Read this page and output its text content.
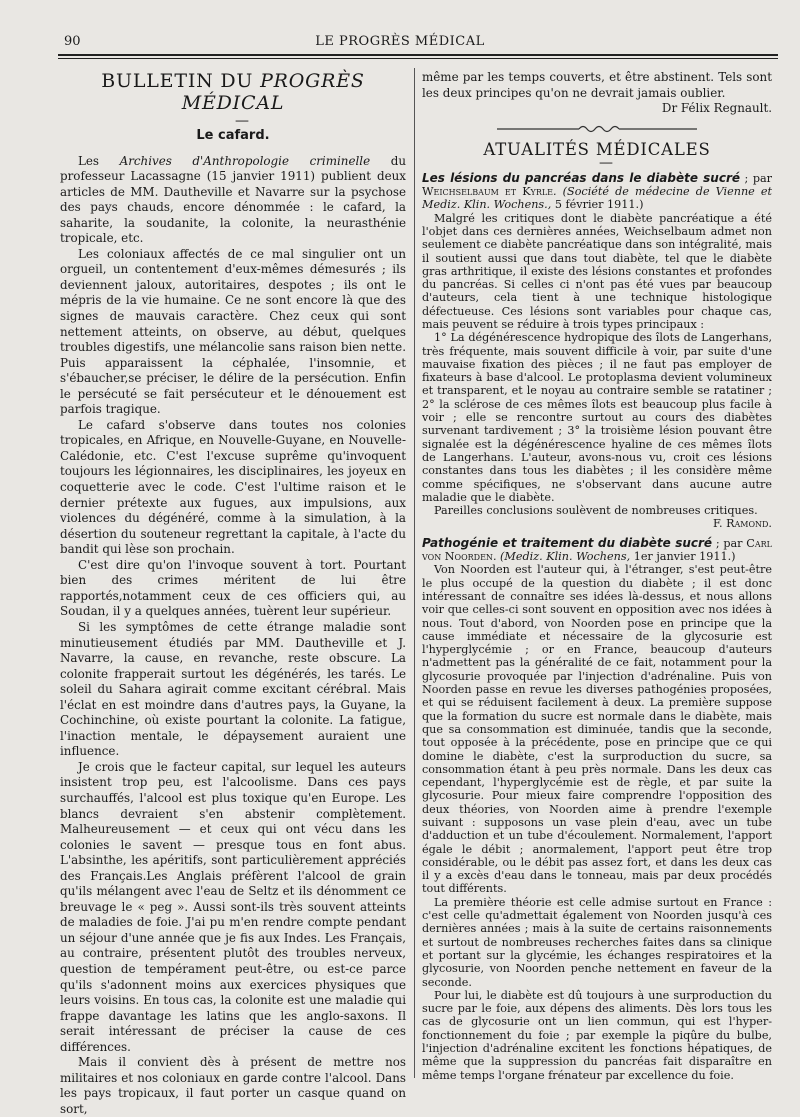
90	LE PROGRÈS MÉDICAL
BULLETIN DU PROGRÈS MÉDICAL

—

Le cafard.

Les Archives d'Anthropologie criminelle du professeur Lacassagne (15 janvier 1911) publient deux articles de MM. Dautheville et Navarre sur la psychose des pays chauds, encore dénommée : le cafard, la saharite, la soudanite, la colonite, la neurasthénie tropicale, etc.

Les coloniaux affectés de ce mal singulier ont un orgueil, un contentement d'eux-mêmes démesurés ; ils deviennent jaloux, autoritaires, despotes ; ils ont le mépris de la vie humaine. Ce ne sont encore là que des signes de mauvais caractère. Chez ceux qui sont nettement atteints, on observe, au début, quelques troubles digestifs, une mélancolie sans raison bien nette. Puis apparaissent la céphalée, l'insomnie, et s'ébaucher,se préciser, le délire de la persécution. Enfin le persécuté se fait persécuteur et le dénouement est parfois tragique.

Le cafard s'observe dans toutes nos colonies tropicales, en Afrique, en Nouvelle-Guyane, en Nouvelle-Calédonie, etc. C'est l'excuse suprême qu'invoquent toujours les légionnaires, les disciplinaires, les joyeux en coquetterie avec le code. C'est l'ultime raison et le dernier prétexte aux fugues, aux impulsions, aux violences du dégénéré, comme à la simulation, à la désertion du souteneur regrettant la capitale, à l'acte du bandit qui lèse son prochain.

C'est dire qu'on l'invoque souvent à tort. Pourtant bien des crimes méritent de lui être rapportés,notamment ceux de ces officiers qui, au Soudan, il y a quelques années, tuèrent leur supérieur.

Si les symptômes de cette étrange maladie sont minutieusement étudiés par MM. Dautheville et J. Navarre, la cause, en revanche, reste obscure. La colonite frapperait surtout les dégénérés, les tarés. Le soleil du Sahara agirait comme excitant cérébral. Mais l'éclat en est moindre dans d'autres pays, la Guyane, la Cochinchine, où existe pourtant la colonite. La fatigue, l'inaction mentale, le dépaysement auraient une influence.

Je crois que le facteur capital, sur lequel les auteurs insistent trop peu, est l'alcoolisme. Dans ces pays surchauffés, l'alcool est plus toxique qu'en Europe. Les blancs devraient s'en abstenir complètement. Malheureusement — et ceux qui ont vécu dans les colonies le savent — presque tous en font abus. L'absinthe, les apéritifs, sont particulièrement appréciés des Français.Les Anglais préfèrent l'alcool de grain qu'ils mélangent avec l'eau de Seltz et ils dénomment ce breuvage le « peg ». Aussi sont-ils très souvent atteints de maladies de foie. J'ai pu m'en rendre compte pendant un séjour d'une année que je fis aux Indes. Les Français, au contraire, présentent plutôt des troubles nerveux, question de tempérament peut-être, ou est-ce parce qu'ils s'adonnent moins aux exercices physiques que leurs voisins. En tous cas, la colonite est une maladie qui frappe davantage les latins que les anglo-saxons. Il serait intéressant de préciser la cause de ces différences.

Mais il convient dès à présent de mettre nos militaires et nos coloniaux en garde contre l'alcool. Dans les pays tropicaux, il faut porter un casque quand on sort,

même par les temps couverts, et être abstinent. Tels sont les deux principes qu'on ne devrait jamais oublier.

Dr Félix Regnault.

ATUALITÉS MÉDICALES

—

Les lésions du pancréas dans le diabète sucré ; par Weichselbaum et Kyrle. (Société de médecine de Vienne et Mediz. Klin. Wochens., 5 février 1911.)

Malgré les critiques dont le diabète pancréatique a été l'objet dans ces dernières années, Weichselbaum admet non seulement ce diabète pancréatique dans son intégralité, mais il soutient aussi que dans tout diabète, tel que le diabète gras arthritique, il existe des lésions constantes et profondes du pancréas. Si celles ci n'ont pas été vues par beaucoup d'auteurs, cela tient à une technique histologique défectueuse. Ces lésions sont variables pour chaque cas, mais peuvent se réduire à trois types principaux :

1° La dégénérescence hydropique des îlots de Langerhans, très fréquente, mais souvent difficile à voir, par suite d'une mauvaise fixation des pièces ; il ne faut pas employer de fixateurs à base d'alcool. Le protoplasma devient volumineux et transparent, et le noyau au contraire semble se ratatiner ; 2° la sclérose de ces mêmes îlots est beaucoup plus facile à voir ; elle se rencontre surtout au cours des diabètes survenant tardivement ; 3° la troisième lésion pouvant être signalée est la dégénérescence hyaline de ces mêmes îlots de Langerhans. L'auteur, avons-nous vu, croit ces lésions constantes dans tous les diabètes ; il les considère même comme spécifiques, ne s'observant dans aucune autre maladie que le diabète.

Pareilles conclusions soulèvent de nombreuses critiques.

F. Ramond.

Pathogénie et traitement du diabète sucré ; par Carl von Noorden. (Mediz. Klin. Wochens, 1er janvier 1911.)

Von Noorden est l'auteur qui, à l'étranger, s'est peut-être le plus occupé de la question du diabète ; il est donc intéressant de connaître ses idées là-dessus, et nous allons voir que celles-ci sont souvent en opposition avec nos idées à nous. Tout d'abord, von Noorden pose en principe que la cause immédiate et nécessaire de la glycosurie est l'hyperglycémie ; or en France, beaucoup d'auteurs n'admettent pas la généralité de ce fait, notamment pour la glycosurie provoquée par l'injection d'adrénaline. Puis von Noorden passe en revue les diverses pathogénies proposées, et qui se réduisent facilement à deux. La première suppose que la formation du sucre est normale dans le diabète, mais que sa consommation est diminuée, tandis que la seconde, tout opposée à la précédente, pose en principe que ce qui domine le diabète, c'est la surproduction du sucre, sa consommation étant à peu près normale. Dans les deux cas cependant, l'hyperglycémie est de règle, et par suite la glycosurie. Pour mieux faire comprendre l'opposition des deux théories, von Noorden aime à prendre l'exemple suivant : supposons un vase plein d'eau, avec un tube d'adduction et un tube d'écoulement. Normalement, l'apport égale le débit ; anormalement, l'apport peut être trop considérable, ou le débit pas assez fort, et dans les deux cas il y a excès d'eau dans le tonneau, mais par deux procédés tout différents.

La première théorie est celle admise surtout en France : c'est celle qu'admettait également von Noorden jusqu'à ces dernières années ; mais à la suite de certains raisonnements et surtout de nombreuses recherches faites dans sa clinique et portant sur la glycémie, les échanges respiratoires et la glycosurie, von Noorden penche nettement en faveur de la seconde.

Pour lui, le diabète est dû toujours à une surproduction du sucre par le foie, aux dépens des aliments. Dès lors tous les cas de glycosurie ont un lien commun, qui est l'hyper-fonctionnement du foie ; par exemple la piqûre du bulbe, l'injection d'adrénaline excitent les fonctions hépatiques, de même que la suppression du pancréas fait disparaître en même temps l'organe frénateur par excellence du foie.
